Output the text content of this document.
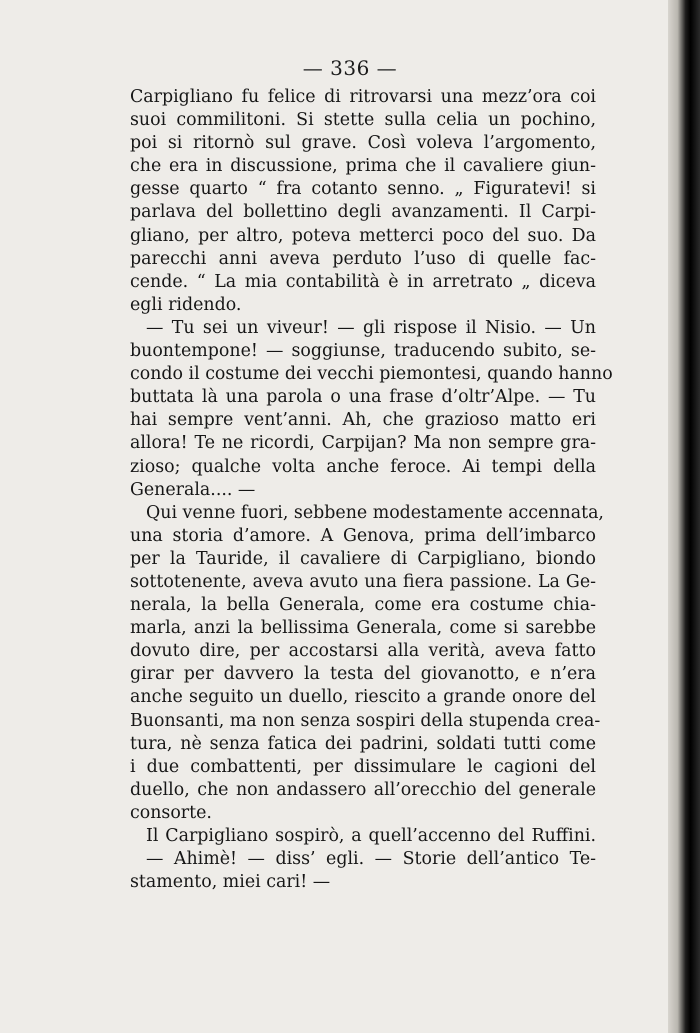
— 336 —
Carpigliano fu felice di ritrovarsi una mezz’ora coi
suoi commilitoni. Si stette sulla celia un pochino,
poi si ritornò sul grave. Così voleva l’argomento,
che era in discussione, prima che il cavaliere giun-
gesse quarto “ fra cotanto senno. „ Figuratevi! si
parlava del bollettino degli avanzamenti. Il Carpi-
gliano, per altro, poteva metterci poco del suo. Da
parecchi anni aveva perduto l’uso di quelle fac-
cende. “ La mia contabilità è in arretrato „ diceva
egli ridendo.
— Tu sei un viveur! — gli rispose il Nisio. — Un
buontempone! — soggiunse, traducendo subito, se-
condo il costume dei vecchi piemontesi, quando hanno
buttata là una parola o una frase d’oltr’Alpe. — Tu
hai sempre vent’anni. Ah, che grazioso matto eri
allora! Te ne ricordi, Carpijan? Ma non sempre gra-
zioso; qualche volta anche feroce. Ai tempi della
Generala.... —
Qui venne fuori, sebbene modestamente accennata,
una storia d’amore. A Genova, prima dell’imbarco
per la Tauride, il cavaliere di Carpigliano, biondo
sottotenente, aveva avuto una fiera passione. La Ge-
nerala, la bella Generala, come era costume chia-
marla, anzi la bellissima Generala, come si sarebbe
dovuto dire, per accostarsi alla verità, aveva fatto
girar per davvero la testa del giovanotto, e n’era
anche seguito un duello, riescito a grande onore del
Buonsanti, ma non senza sospiri della stupenda crea-
tura, nè senza fatica dei padrini, soldati tutti come
i due combattenti, per dissimulare le cagioni del
duello, che non andassero all’orecchio del generale
consorte.
Il Carpigliano sospirò, a quell’accenno del Ruffini.
— Ahimè! — diss’ egli. — Storie dell’antico Te-
stamento, miei cari! —
